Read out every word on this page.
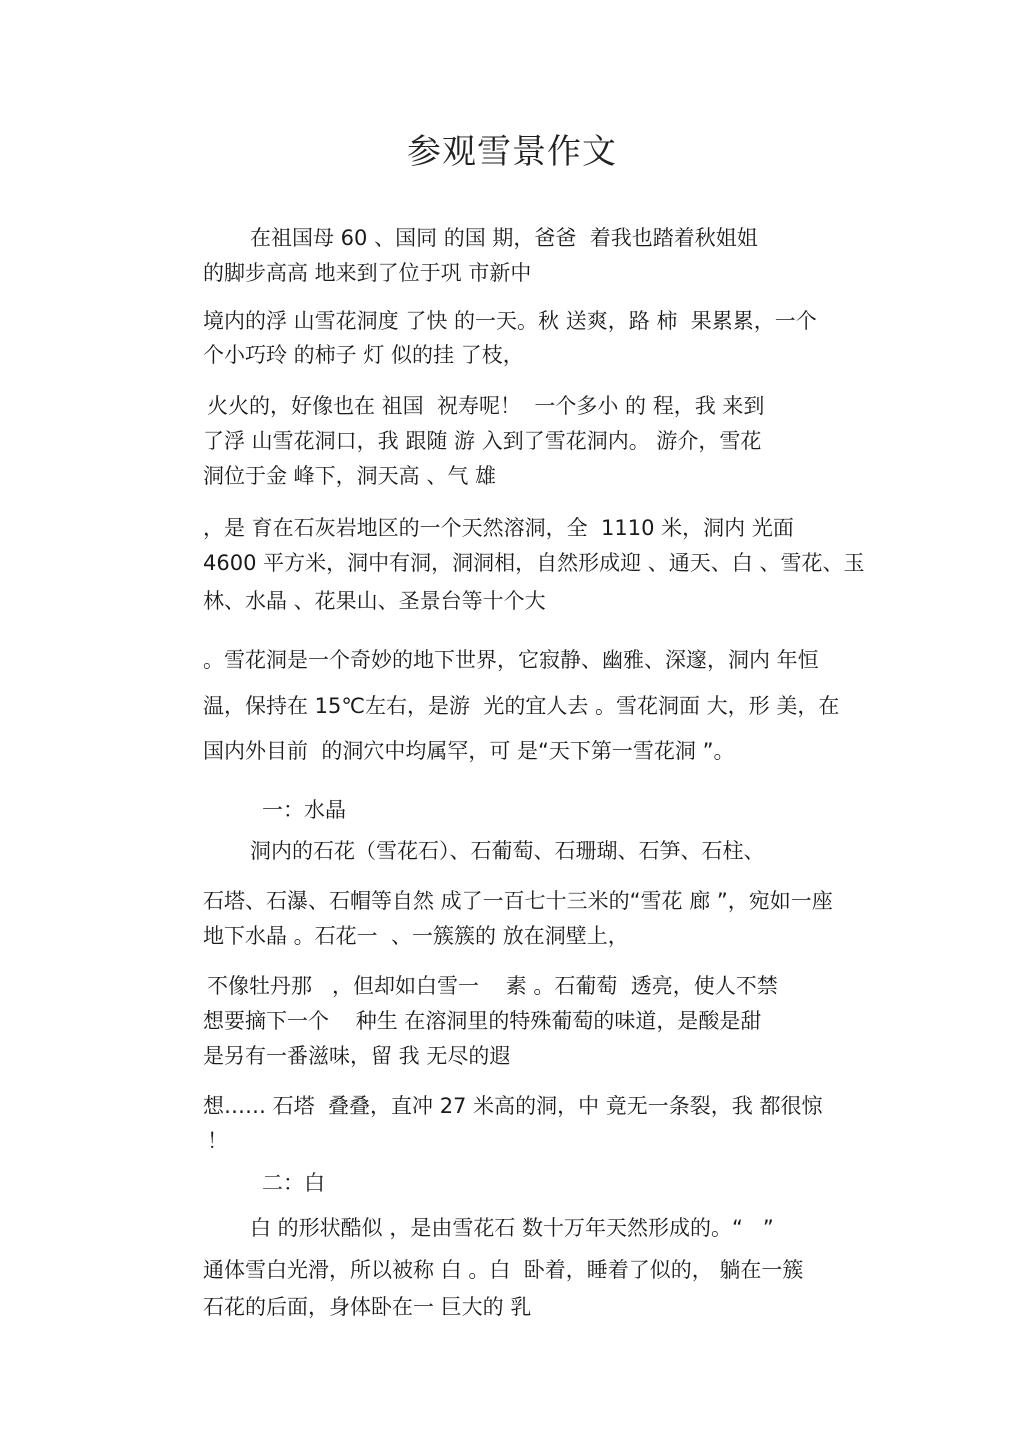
参观雪景作文
在祖国母 60 、国同 的国 期，爸爸  着我也踏着秋姐姐
的脚步高高 地来到了位于巩 市新中
境内的浮 山雪花洞度 了快 的一天。秋 送爽，路 柿  果累累，一个
个小巧玲 的柿子 灯 似的挂 了枝，
火火的，好像也在 祖国  祝寿呢！  一个多小 的 程，我 来到
了浮 山雪花洞口，我 跟随 游 入到了雪花洞内。 游介，雪花
洞位于金 峰下，洞天高 、气 雄
，是 育在石灰岩地区的一个天然溶洞，全  1110 米，洞内 光面
4600 平方米，洞中有洞，洞洞相，自然形成迎 、通天、白 、雪花、玉
林、水晶 、花果山、圣景台等十个大
。雪花洞是一个奇妙的地下世界，它寂静、幽雅、深邃，洞内 年恒
温，保持在 15℃左右，是游  光的宜人去 。雪花洞面 大，形 美，在
国内外目前  的洞穴中均属罕，可 是“天下第一雪花洞 ”。
一：水晶
洞内的石花（雪花石）、石葡萄、石珊瑚、石笋、石柱、
石塔、石瀑、石帽等自然 成了一百七十三米的“雪花 廊 ”，宛如一座
地下水晶 。石花一  、一簇簇的 放在洞壁上，
不像牡丹那   ，但却如白雪一    素 。石葡萄  透亮，使人不禁
想要摘下一个    种生 在溶洞里的特殊葡萄的味道，是酸是甜
是另有一番滋味，留 我 无尽的遐
想…… 石塔  叠叠，直冲 27 米高的洞，中 竟无一条裂，我 都很惊
！
二：白
白 的形状酷似 ，是由雪花石 数十万年天然形成的。“   ”
通体雪白光滑，所以被称 白 。白  卧着，睡着了似的， 躺在一簇
石花的后面，身体卧在一 巨大的 乳
